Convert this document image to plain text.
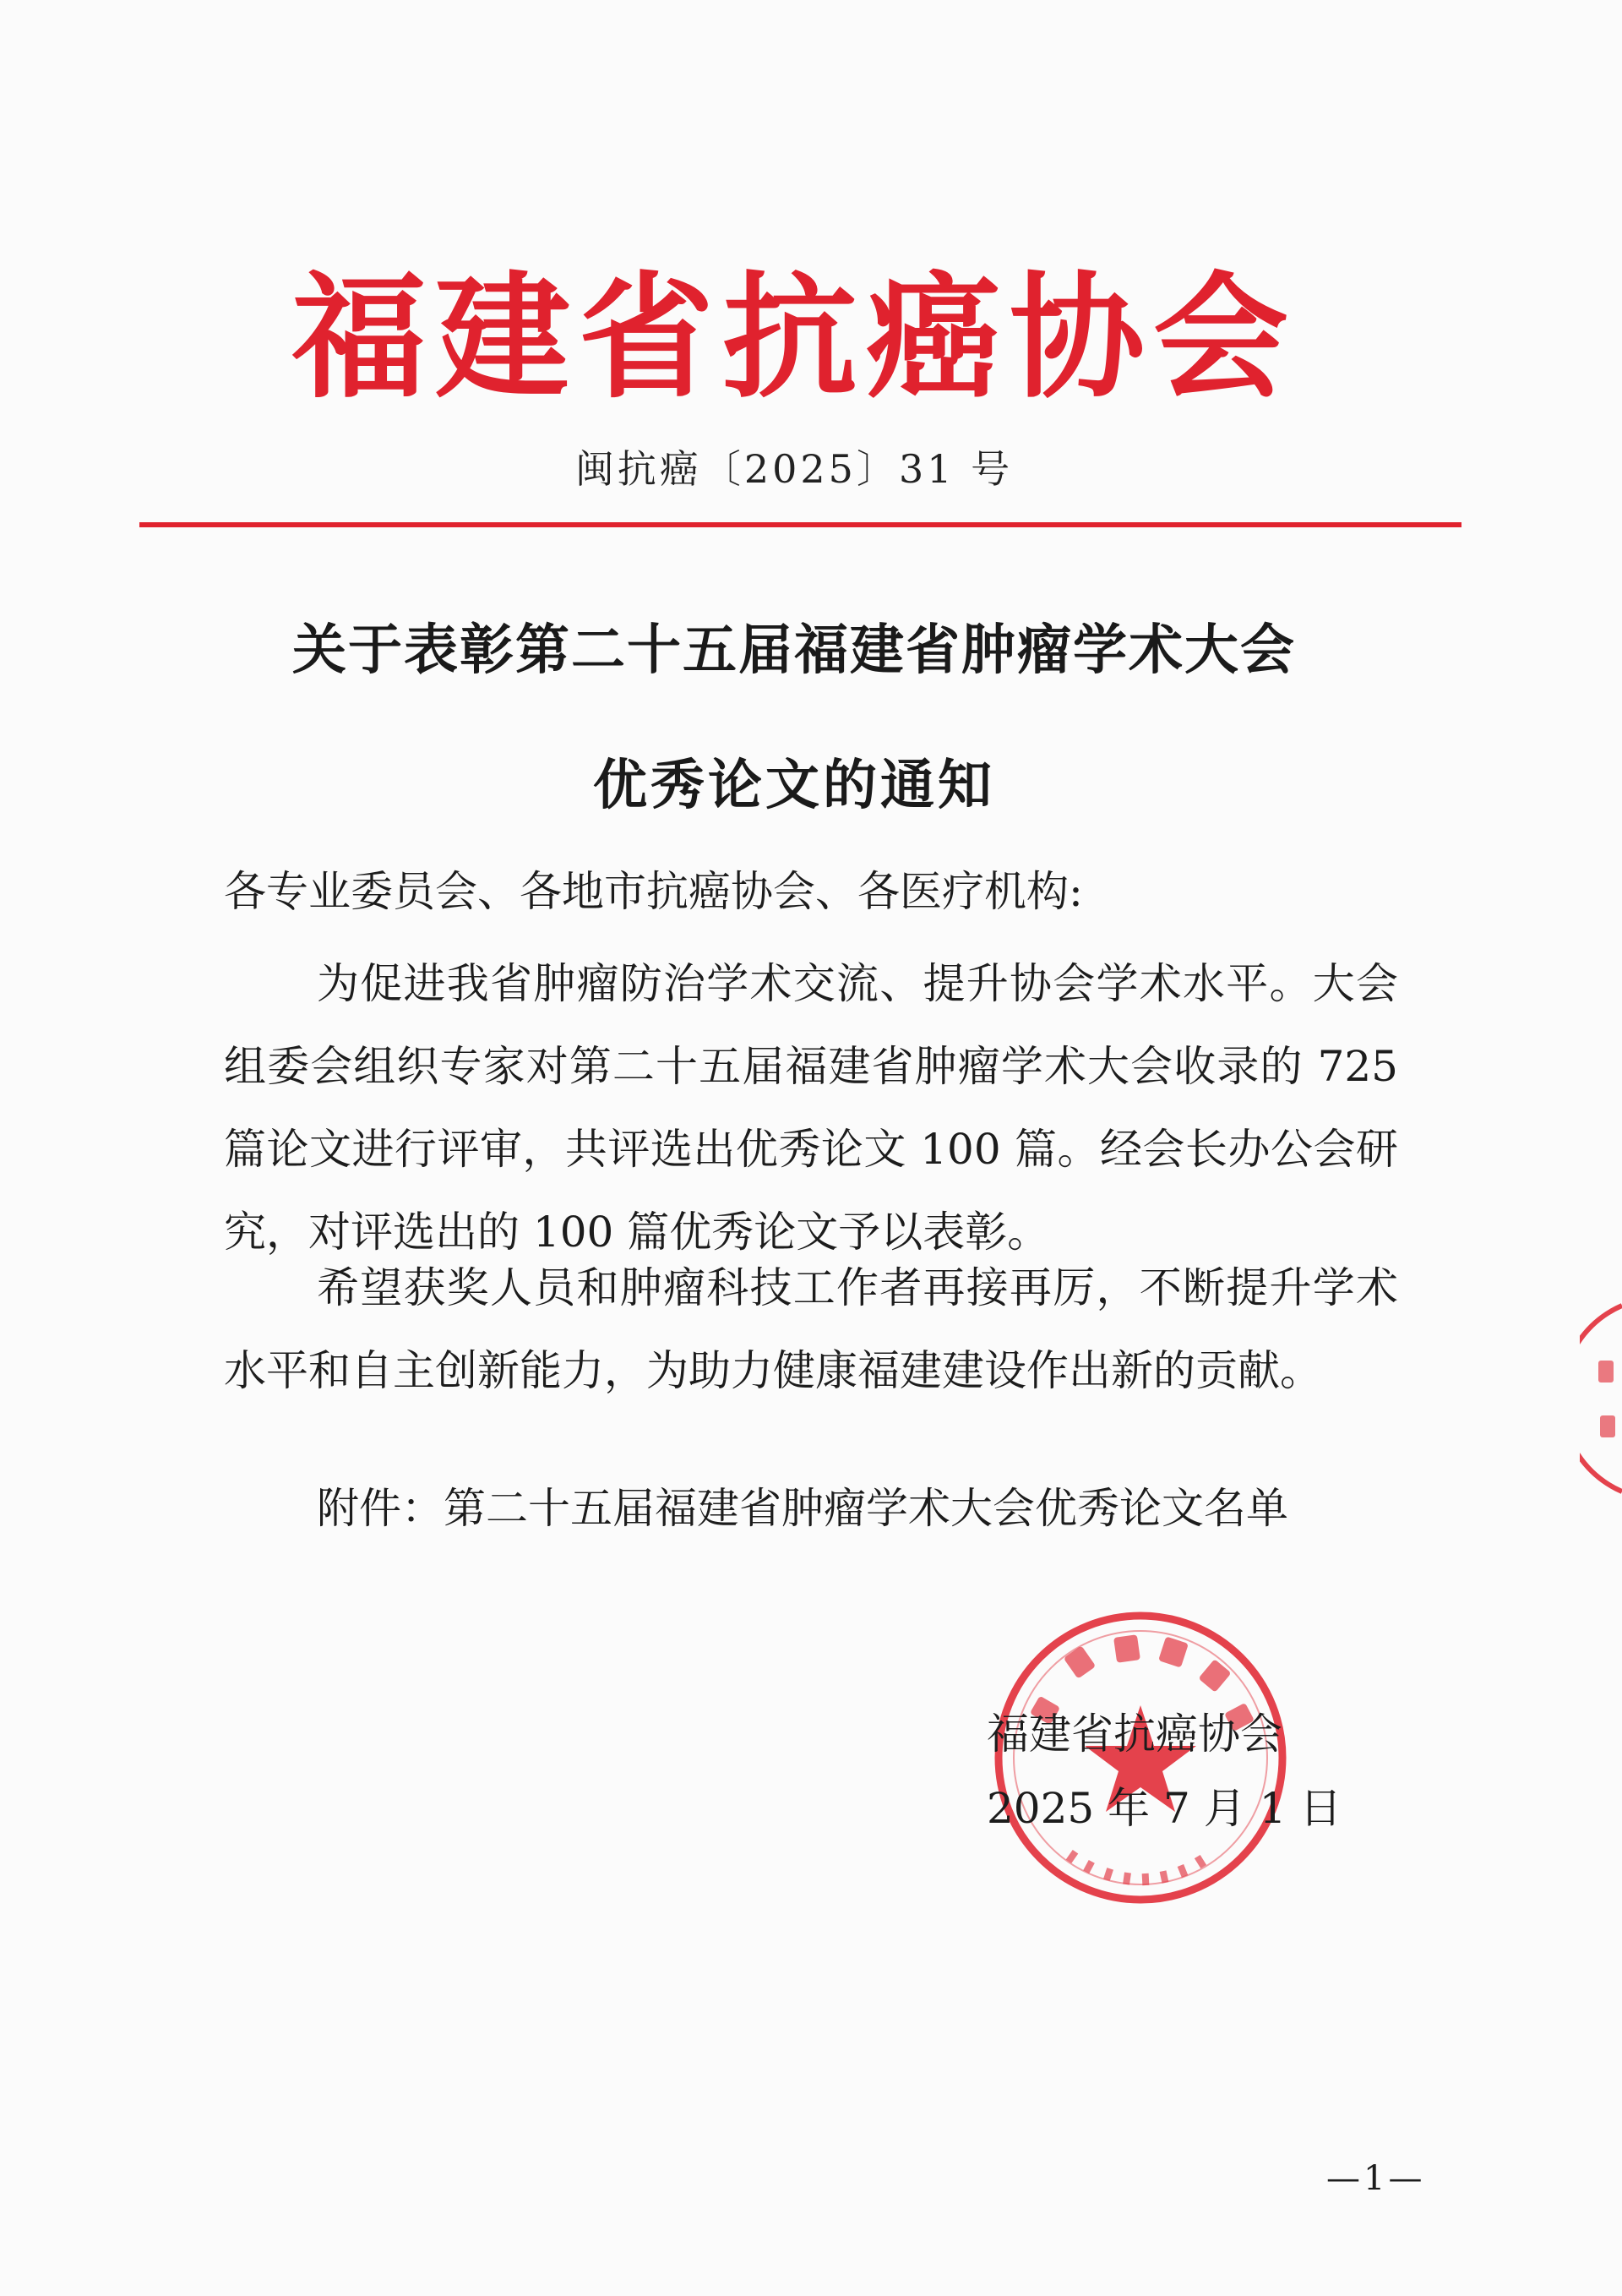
福建省抗癌协会
闽抗癌〔2025〕31 号
关于表彰第二十五届福建省肿瘤学术大会
优秀论文的通知
各专业委员会、各地市抗癌协会、各医疗机构:
为促进我省肿瘤防治学术交流、提升协会学术水平。大会组委会组织专家对第二十五届福建省肿瘤学术大会收录的 725 篇论文进行评审，共评选出优秀论文 100 篇。经会长办公会研究，对评选出的 100 篇优秀论文予以表彰。
希望获奖人员和肿瘤科技工作者再接再厉，不断提升学术水平和自主创新能力，为助力健康福建建设作出新的贡献。
附件：第二十五届福建省肿瘤学术大会优秀论文名单
福建省抗癌协会
2025 年 7 月 1 日
—1—
